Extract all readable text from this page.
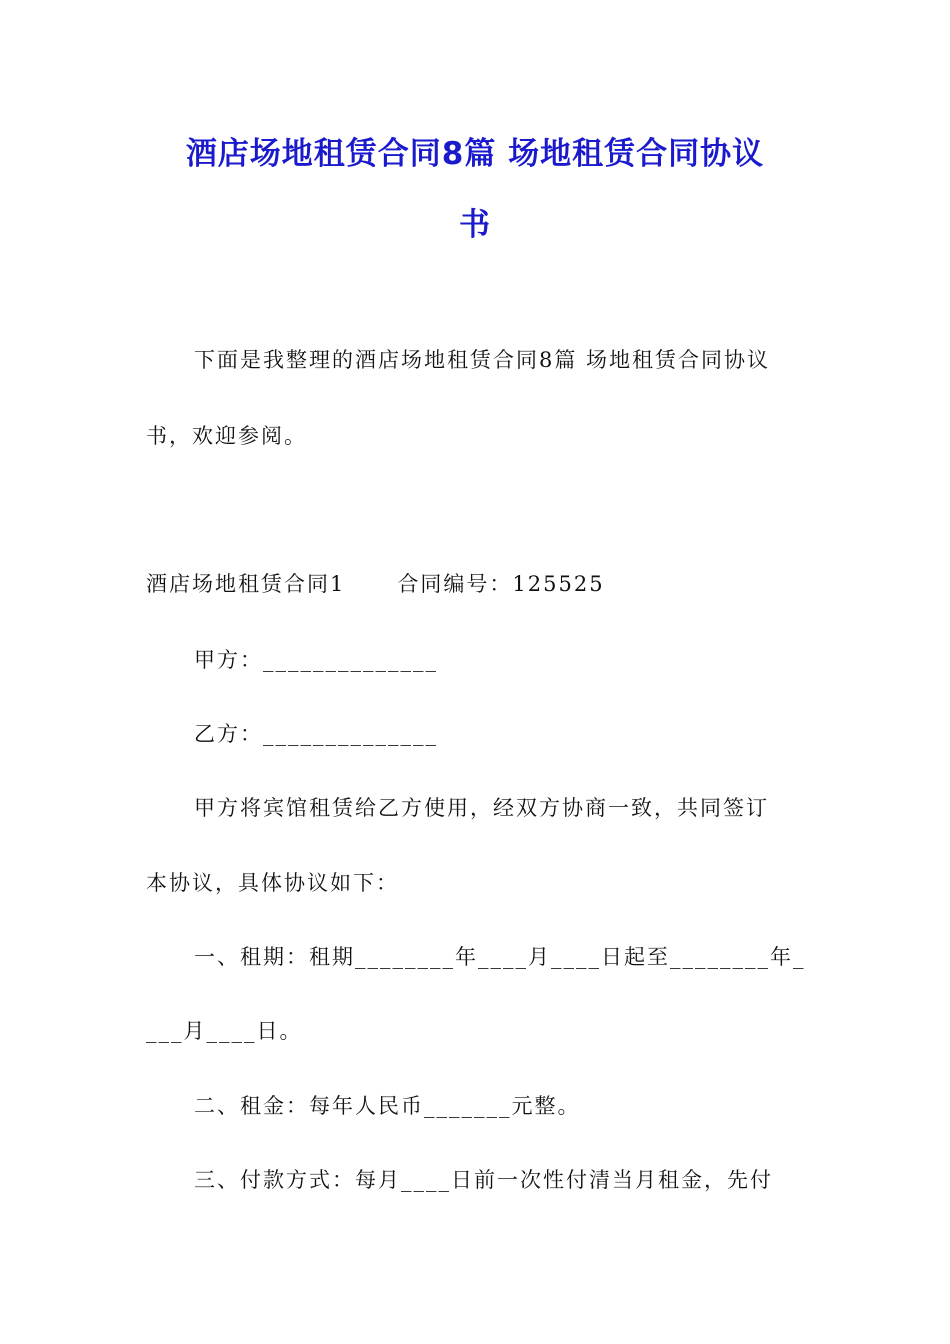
酒店场地租赁合同8篇 场地租赁合同协议
书

下面是我整理的酒店场地租赁合同8篇 场地租赁合同协议

书，欢迎参阅。

酒店场地租赁合同1      合同编号：125525

甲方：______________

乙方：______________

甲方将宾馆租赁给乙方使用，经双方协商一致，共同签订

本协议，具体协议如下：

一、租期：租期________年____月____日起至________年_

___月____日。

二、租金：每年人民币_______元整。

三、付款方式：每月____日前一次性付清当月租金，先付
